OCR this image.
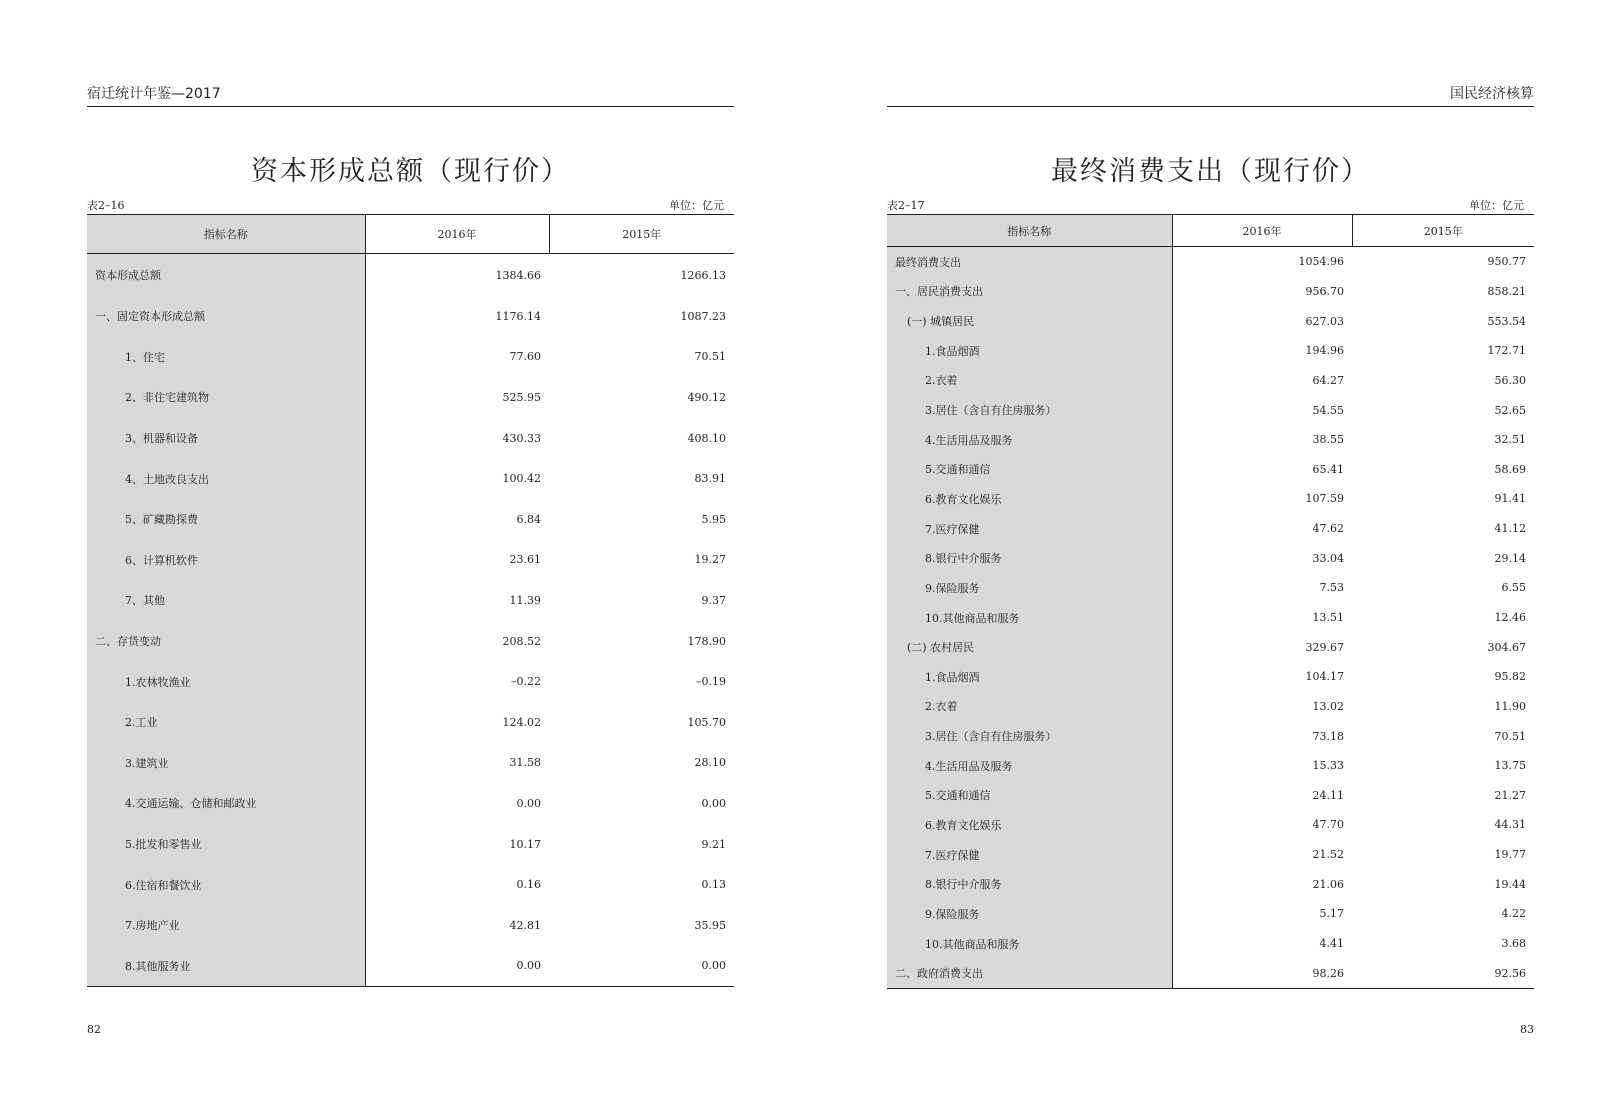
宿迁统计年鉴—2017
资本形成总额（现行价）
表2–16	单位：亿元
指标名称	2016年	2015年
资本形成总额	1384.66	1266.13
一、固定资本形成总额	1176.14	1087.23
1、住宅	77.60	70.51
2、非住宅建筑物	525.95	490.12
3、机器和设备	430.33	408.10
4、土地改良支出	100.42	83.91
5、矿藏勘探费	6.84	5.95
6、计算机软件	23.61	19.27
7、其他	11.39	9.37
二、存货变动	208.52	178.90
1.农林牧渔业	–0.22	–0.19
2.工业	124.02	105.70
3.建筑业	31.58	28.10
4.交通运输、仓储和邮政业	0.00	0.00
5.批发和零售业	10.17	9.21
6.住宿和餐饮业	0.16	0.13
7.房地产业	42.81	35.95
8.其他服务业	0.00	0.00
82
国民经济核算
最终消费支出（现行价）
表2–17	单位：亿元
指标名称	2016年	2015年
最终消费支出	1054.96	950.77
一、居民消费支出	956.70	858.21
(一) 城镇居民	627.03	553.54
1.食品烟酒	194.96	172.71
2.衣着	64.27	56.30
3.居住（含自有住房服务）	54.55	52.65
4.生活用品及服务	38.55	32.51
5.交通和通信	65.41	58.69
6.教育文化娱乐	107.59	91.41
7.医疗保健	47.62	41.12
8.银行中介服务	33.04	29.14
9.保险服务	7.53	6.55
10.其他商品和服务	13.51	12.46
(二) 农村居民	329.67	304.67
1.食品烟酒	104.17	95.82
2.衣着	13.02	11.90
3.居住（含自有住房服务）	73.18	70.51
4.生活用品及服务	15.33	13.75
5.交通和通信	24.11	21.27
6.教育文化娱乐	47.70	44.31
7.医疗保健	21.52	19.77
8.银行中介服务	21.06	19.44
9.保险服务	5.17	4.22
10.其他商品和服务	4.41	3.68
二、政府消费支出	98.26	92.56
83
